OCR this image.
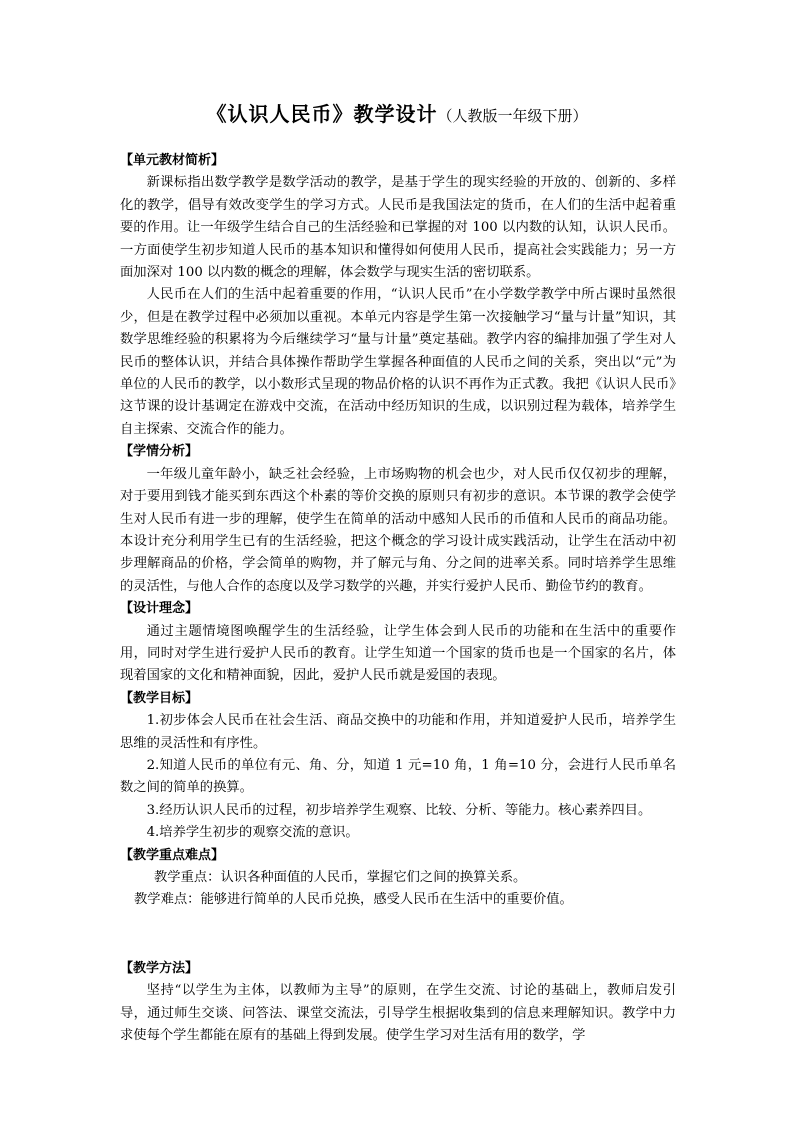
《认识人民币》教学设计（人教版一年级下册）

【单元教材简析】

新课标指出数学教学是数学活动的教学，是基于学生的现实经验的开放的、创新的、多样化的教学，倡导有效改变学生的学习方式。人民币是我国法定的货币，在人们的生活中起着重要的作用。让一年级学生结合自己的生活经验和已掌握的对 100 以内数的认知，认识人民币。一方面使学生初步知道人民币的基本知识和懂得如何使用人民币，提高社会实践能力；另一方面加深对 100 以内数的概念的理解，体会数学与现实生活的密切联系。

人民币在人们的生活中起着重要的作用，“认识人民币”在小学数学教学中所占课时虽然很少，但是在教学过程中必须加以重视。本单元内容是学生第一次接触学习“量与计量”知识，其数学思维经验的积累将为今后继续学习“量与计量”奠定基础。教学内容的编排加强了学生对人民币的整体认识，并结合具体操作帮助学生掌握各种面值的人民币之间的关系，突出以“元”为单位的人民币的教学，以小数形式呈现的物品价格的认识不再作为正式教。我把《认识人民币》这节课的设计基调定在游戏中交流，在活动中经历知识的生成，以识别过程为载体，培养学生自主探索、交流合作的能力。

【学情分析】

一年级儿童年龄小，缺乏社会经验，上市场购物的机会也少，对人民币仅仅初步的理解，对于要用到钱才能买到东西这个朴素的等价交换的原则只有初步的意识。本节课的教学会使学生对人民币有进一步的理解，使学生在简单的活动中感知人民币的币值和人民币的商品功能。本设计充分利用学生已有的生活经验，把这个概念的学习设计成实践活动，让学生在活动中初步理解商品的价格，学会简单的购物，并了解元与角、分之间的进率关系。同时培养学生思维的灵活性，与他人合作的态度以及学习数学的兴趣，并实行爱护人民币、勤俭节约的教育。

【设计理念】

通过主题情境图唤醒学生的生活经验，让学生体会到人民币的功能和在生活中的重要作用，同时对学生进行爱护人民币的教育。让学生知道一个国家的货币也是一个国家的名片，体现着国家的文化和精神面貌，因此，爱护人民币就是爱国的表现。

【教学目标】

1.初步体会人民币在社会生活、商品交换中的功能和作用，并知道爱护人民币，培养学生思维的灵活性和有序性。

2.知道人民币的单位有元、角、分，知道 1 元=10 角，1 角=10 分，会进行人民币单名数之间的简单的换算。

3.经历认识人民币的过程，初步培养学生观察、比较、分析、等能力。核心素养四目。

4.培养学生初步的观察交流的意识。

【教学重点难点】

教学重点：认识各种面值的人民币，掌握它们之间的换算关系。

教学难点：能够进行简单的人民币兑换，感受人民币在生活中的重要价值。

【教学方法】

坚持“以学生为主体，以教师为主导”的原则，在学生交流、讨论的基础上，教师启发引导，通过师生交谈、问答法、课堂交流法，引导学生根据收集到的信息来理解知识。教学中力求使每个学生都能在原有的基础上得到发展。使学生学习对生活有用的数学，学
